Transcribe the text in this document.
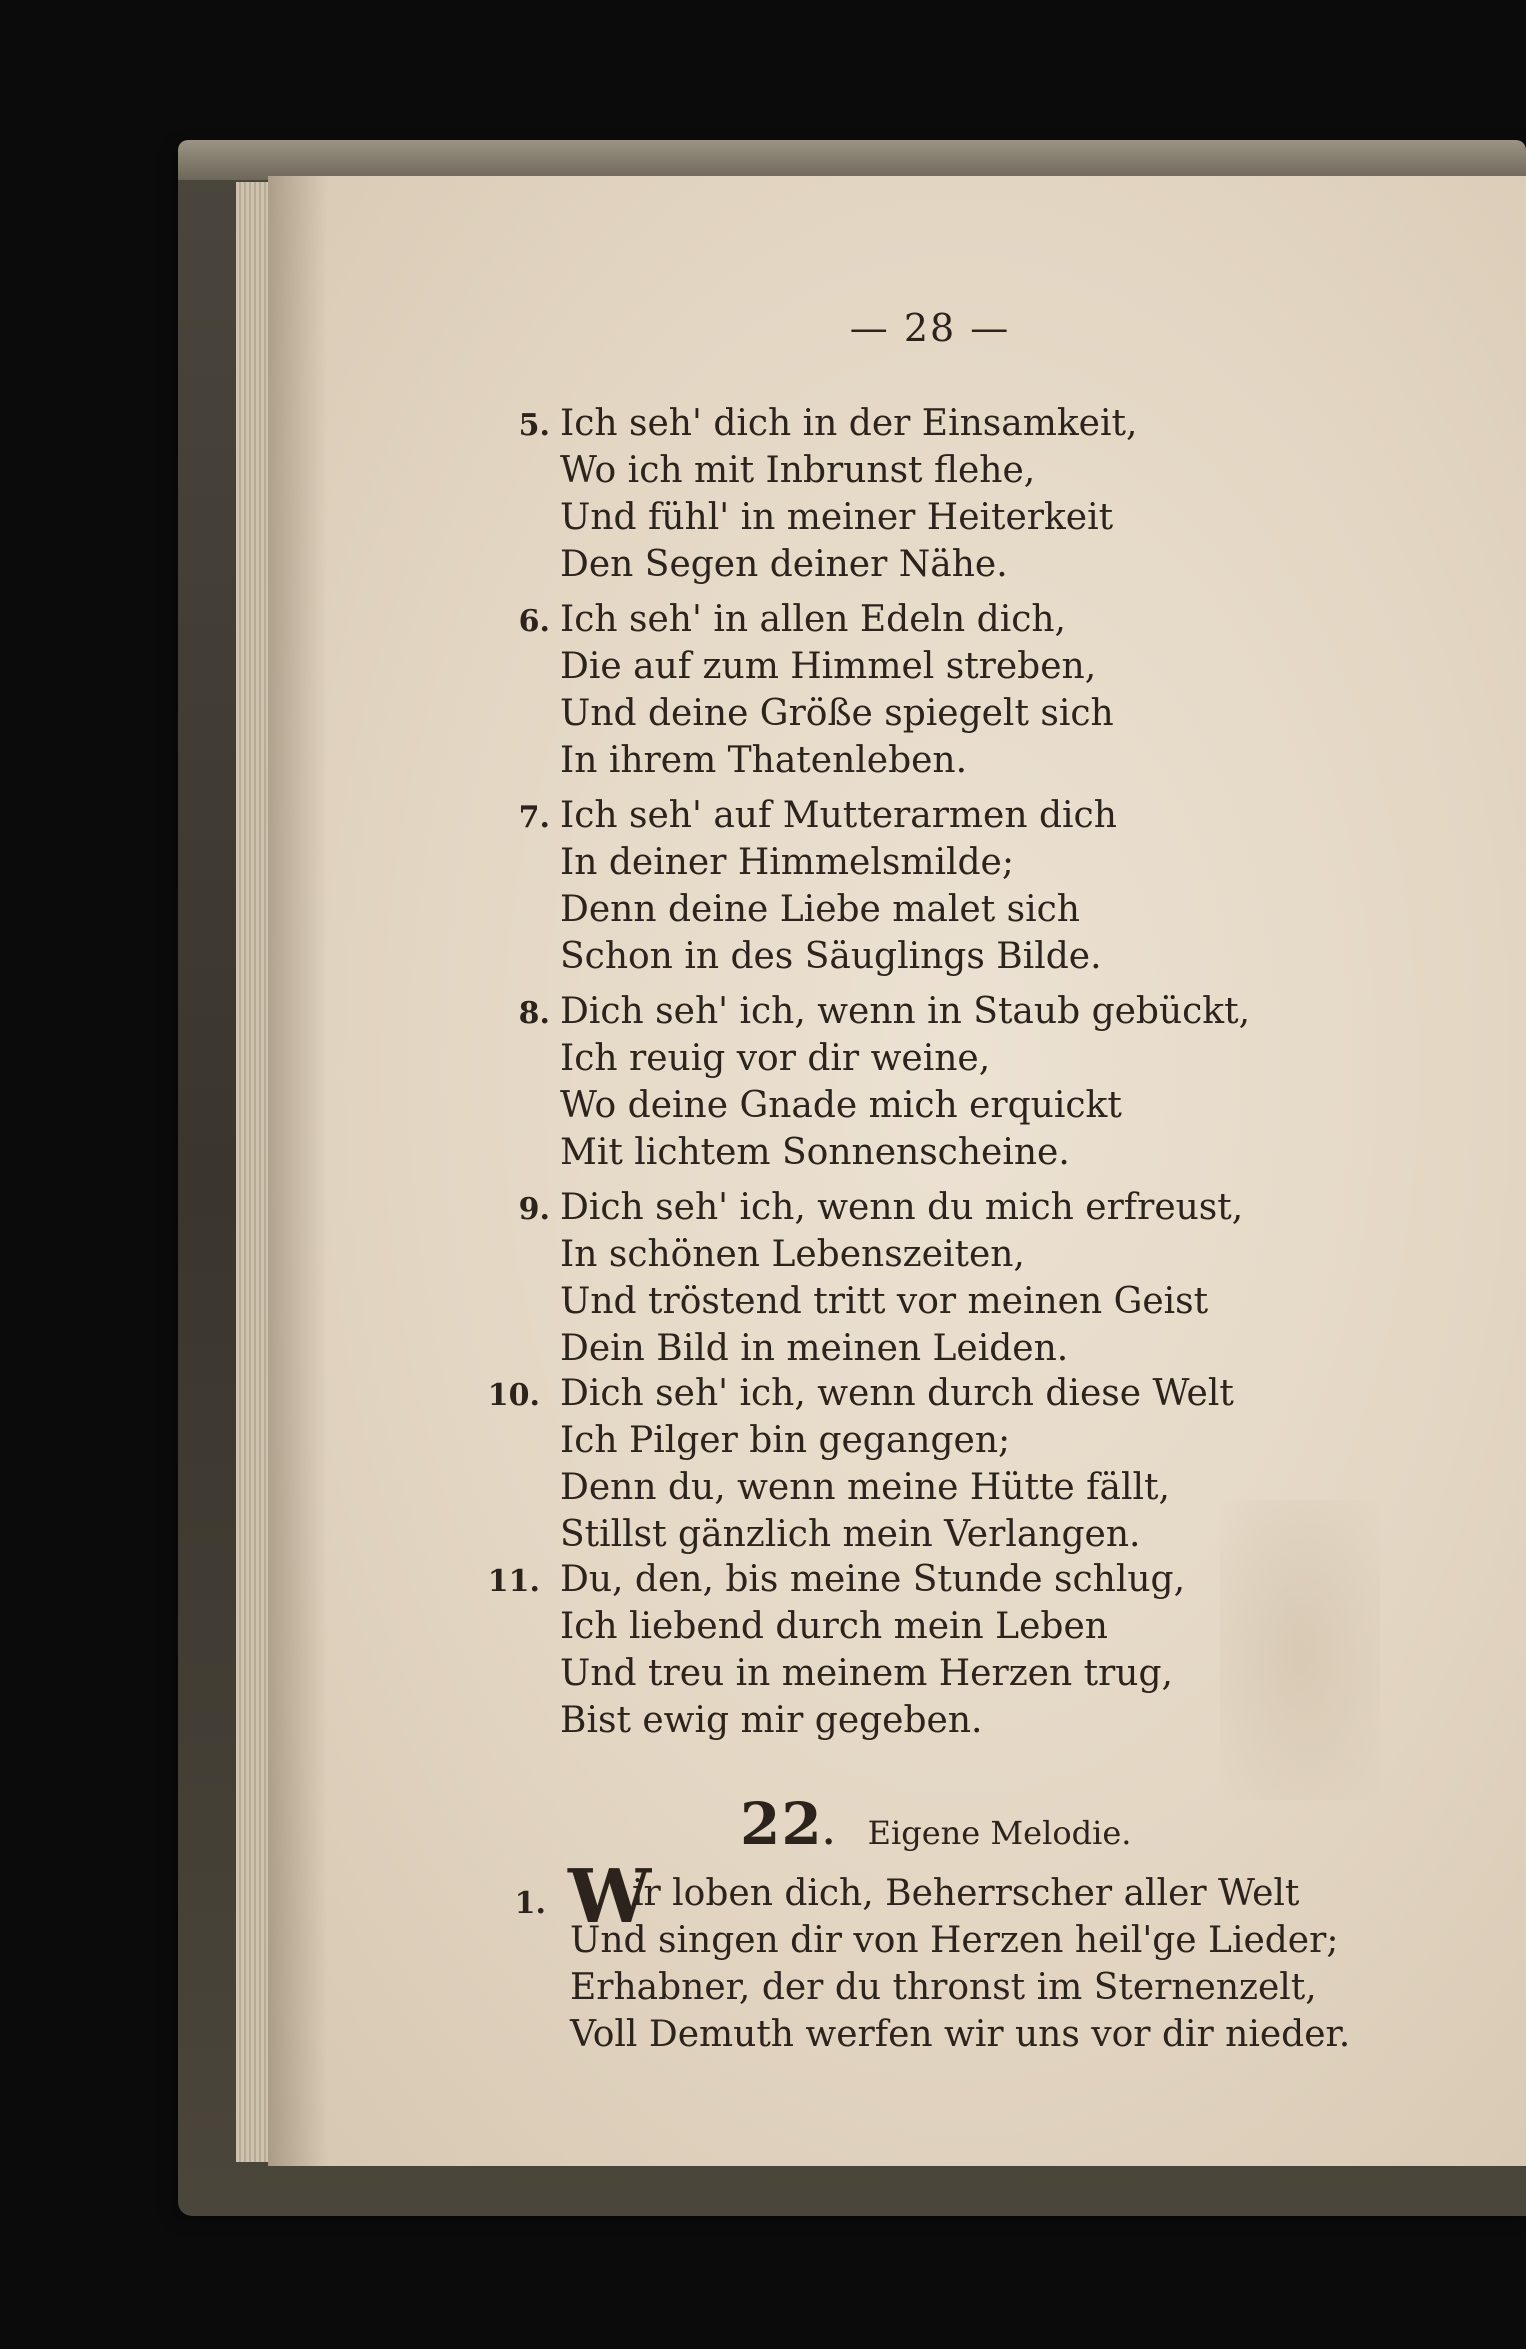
— 28 —
5. Ich seh' dich in der Einsamkeit,
Wo ich mit Inbrunst flehe,
Und fühl' in meiner Heiterkeit
Den Segen deiner Nähe.
6. Ich seh' in allen Edeln dich,
Die auf zum Himmel streben,
Und deine Größe spiegelt sich
In ihrem Thatenleben.
7. Ich seh' auf Mutterarmen dich
In deiner Himmelsmilde;
Denn deine Liebe malet sich
Schon in des Säuglings Bilde.
8. Dich seh' ich, wenn in Staub gebückt,
Ich reuig vor dir weine,
Wo deine Gnade mich erquickt
Mit lichtem Sonnenscheine.
9. Dich seh' ich, wenn du mich erfreust,
In schönen Lebenszeiten,
Und tröstend tritt vor meinen Geist
Dein Bild in meinen Leiden.
10. Dich seh' ich, wenn durch diese Welt
Ich Pilger bin gegangen;
Denn du, wenn meine Hütte fällt,
Stillst gänzlich mein Verlangen.
11. Du, den, bis meine Stunde schlug,
Ich liebend durch mein Leben
Und treu in meinem Herzen trug,
Bist ewig mir gegeben.
22. Eigene Melodie.
1. W
ir loben dich, Beherrscher aller Welt
Und singen dir von Herzen heil'ge Lieder;
Erhabner, der du thronst im Sternenzelt,
Voll Demuth werfen wir uns vor dir nieder.
